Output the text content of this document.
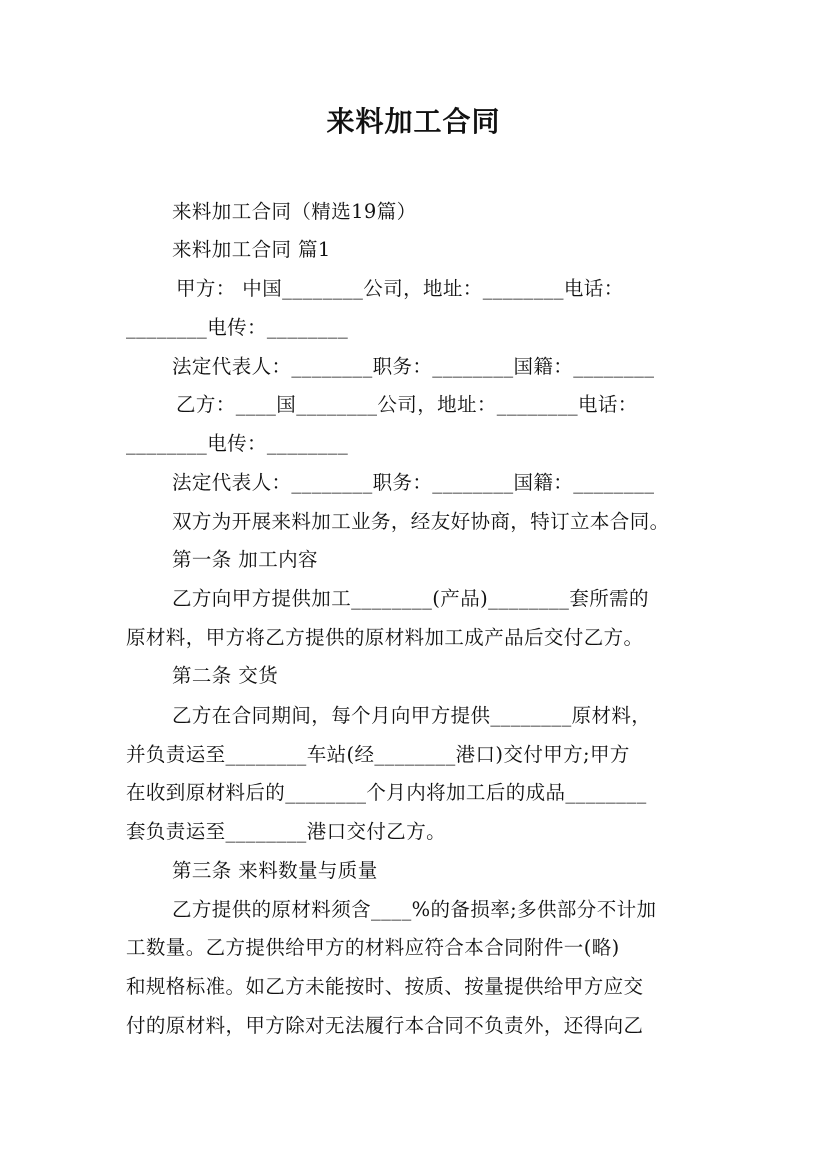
来料加工合同
来料加工合同（精选19篇）
来料加工合同 篇1
甲方： 中国________公司，地址：________电话：
________电传：________
法定代表人：________职务：________国籍：________
乙方：____国________公司，地址：________电话：
________电传：________
法定代表人：________职务：________国籍：________
双方为开展来料加工业务，经友好协商，特订立本合同。
第一条 加工内容
乙方向甲方提供加工________(产品)________套所需的
原材料，甲方将乙方提供的原材料加工成产品后交付乙方。
第二条 交货
乙方在合同期间，每个月向甲方提供________原材料，
并负责运至________车站(经________港口)交付甲方;甲方
在收到原材料后的________个月内将加工后的成品________
套负责运至________港口交付乙方。
第三条 来料数量与质量
乙方提供的原材料须含____%的备损率;多供部分不计加
工数量。乙方提供给甲方的材料应符合本合同附件一(略)
和规格标准。如乙方未能按时、按质、按量提供给甲方应交
付的原材料，甲方除对无法履行本合同不负责外，还得向乙
